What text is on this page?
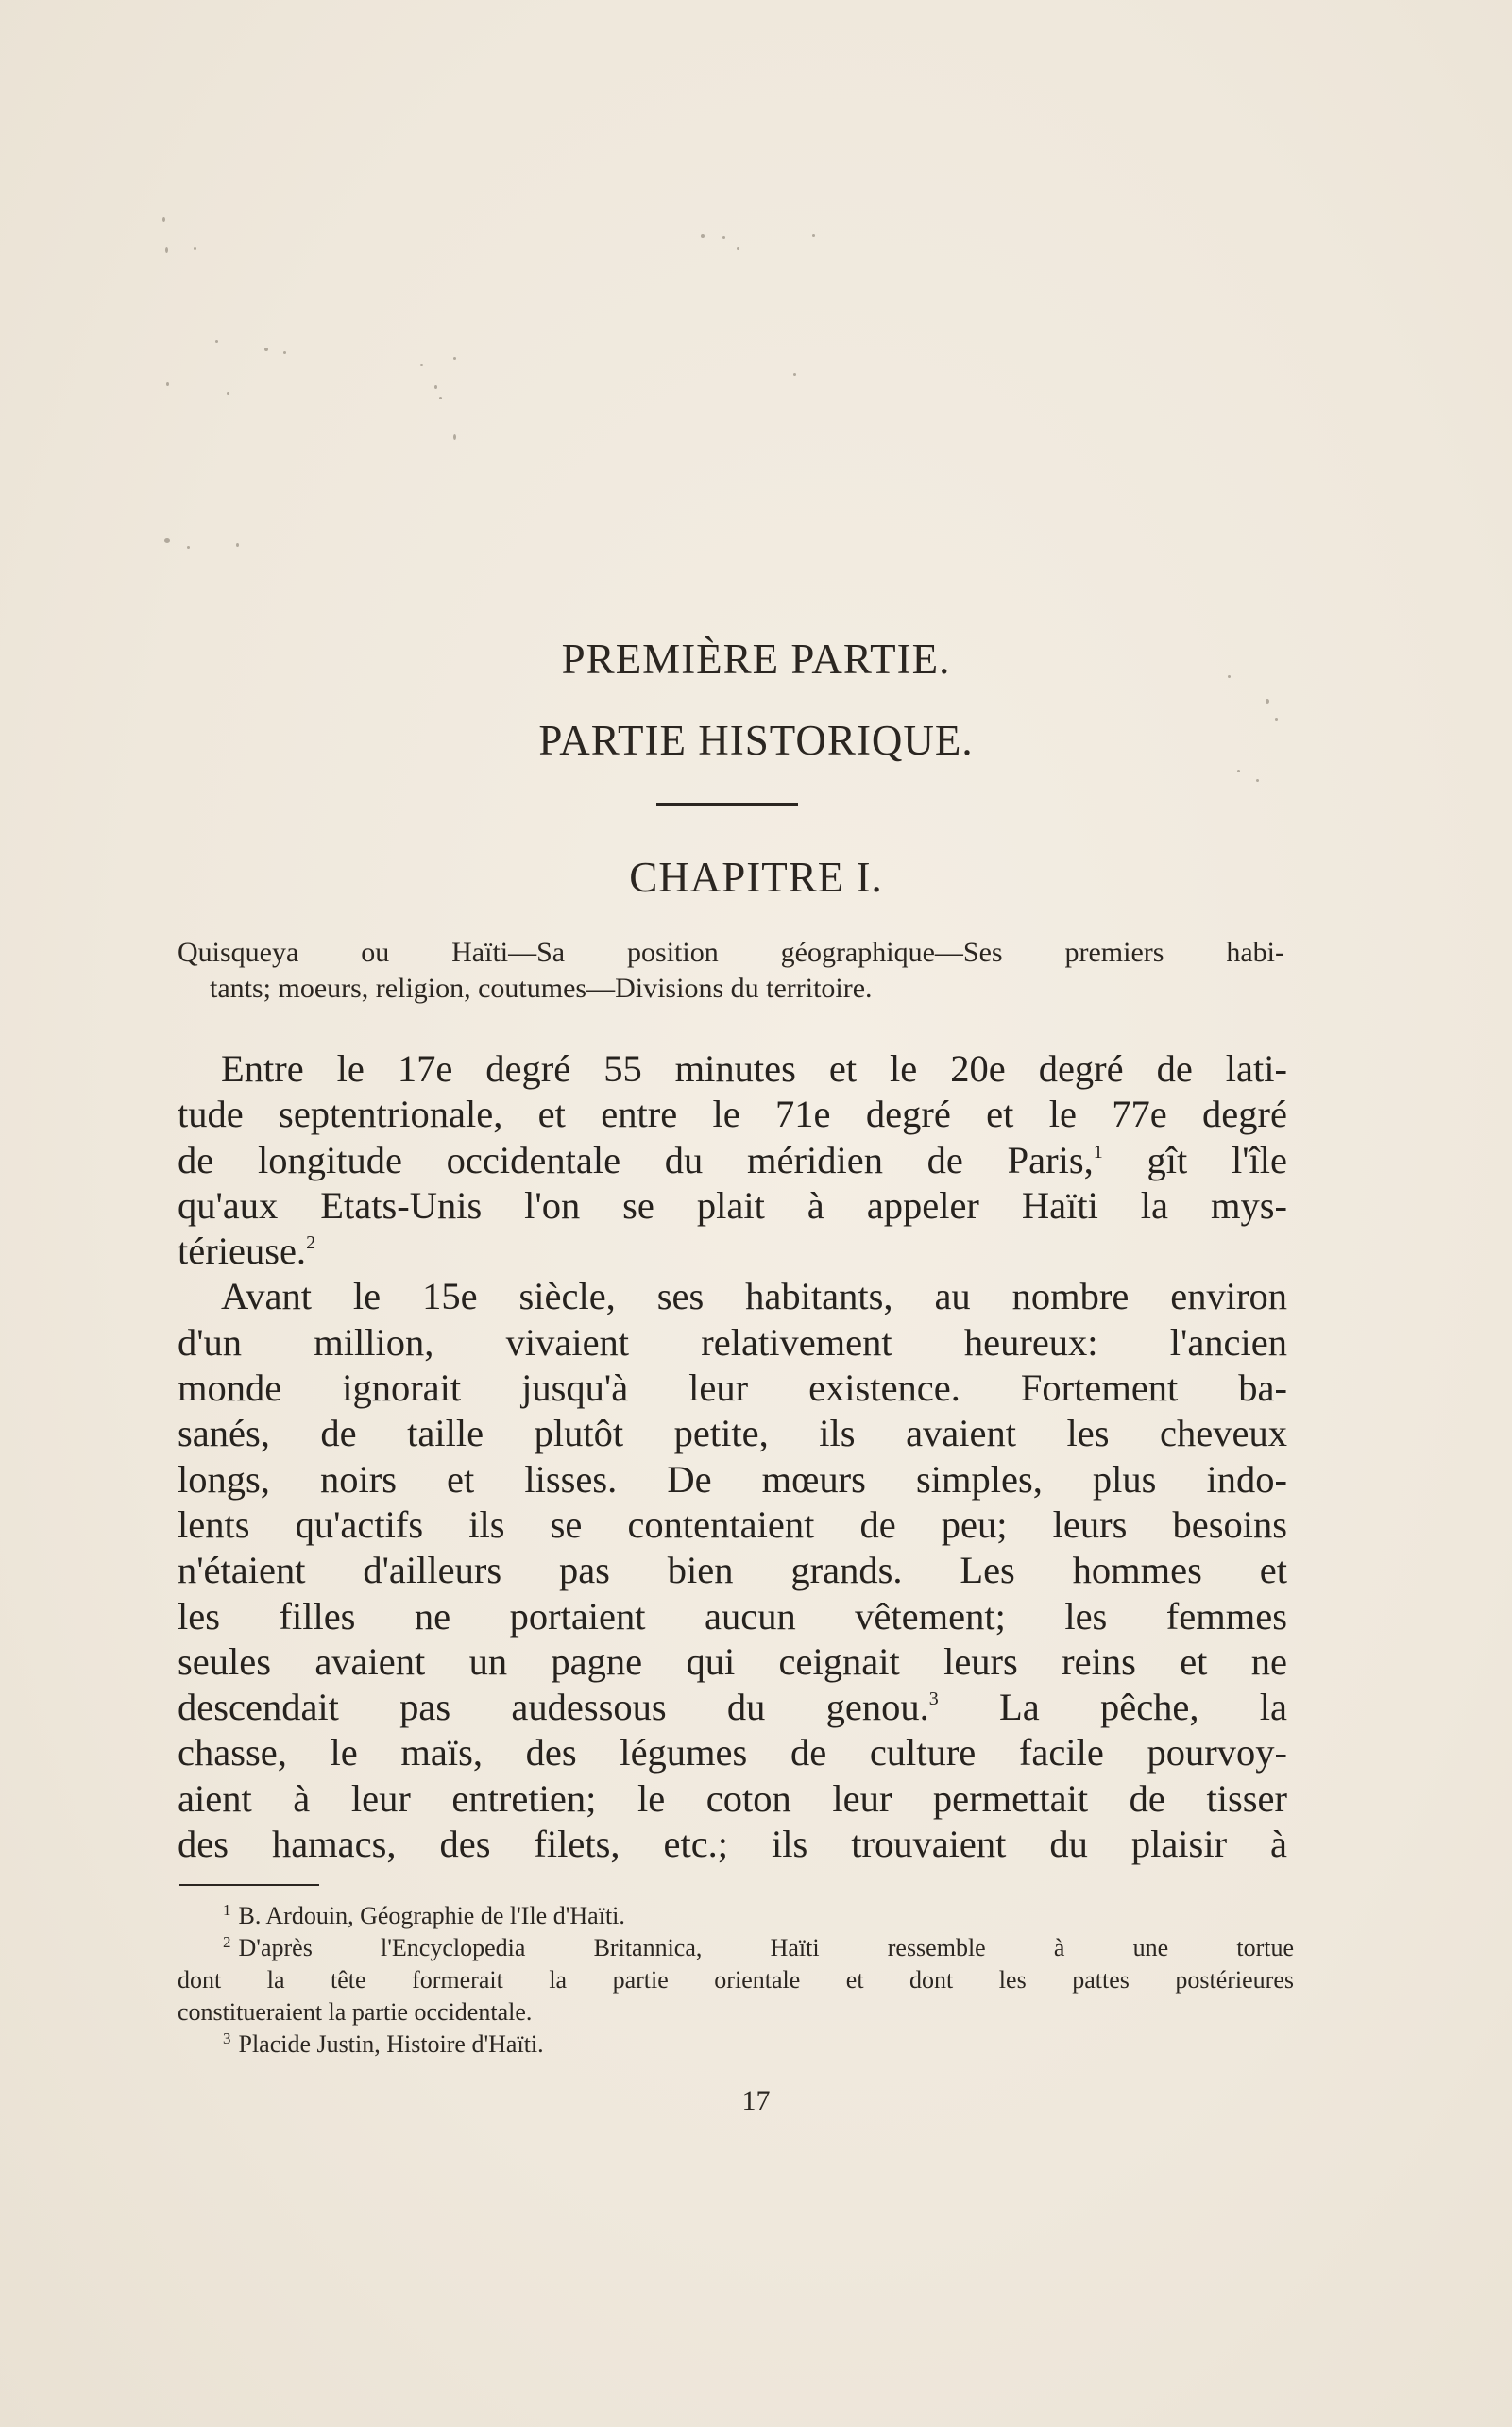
PREMIÈRE PARTIE.
PARTIE HISTORIQUE.
CHAPITRE I.
Quisqueya ou Haïti—Sa position géographique—Ses premiers habi-
tants; moeurs, religion, coutumes—Divisions du territoire.

Entre le 17e degré 55 minutes et le 20e degré de lati-
tude septentrionale, et entre le 71e degré et le 77e degré
de longitude occidentale du méridien de Paris,$^1$ gît l'île
qu'aux Etats-Unis l'on se plait à appeler Haïti la mys-
térieuse.$^2$

Avant le 15e siècle, ses habitants, au nombre environ
d'un million, vivaient relativement heureux: l'ancien
monde ignorait jusqu'à leur existence. Fortement ba-
sanés, de taille plutôt petite, ils avaient les cheveux
longs, noirs et lisses. De mœurs simples, plus indo-
lents qu'actifs ils se contentaient de peu; leurs besoins
n'étaient d'ailleurs pas bien grands. Les hommes et
les filles ne portaient aucun vêtement; les femmes
seules avaient un pagne qui ceignait leurs reins et ne
descendait pas audessous du genou.$^3$ La pêche, la
chasse, le maïs, des légumes de culture facile pourvoy-
aient à leur entretien; le coton leur permettait de tisser
des hamacs, des filets, etc.; ils trouvaient du plaisir à

$^1$ B. Ardouin, Géographie de l'Ile d'Haïti.
$^2$ D'après l'Encyclopedia Britannica, Haïti ressemble à une tortue
dont la tête formerait la partie orientale et dont les pattes postérieures
constitueraient la partie occidentale.
$^3$ Placide Justin, Histoire d'Haïti.
17
